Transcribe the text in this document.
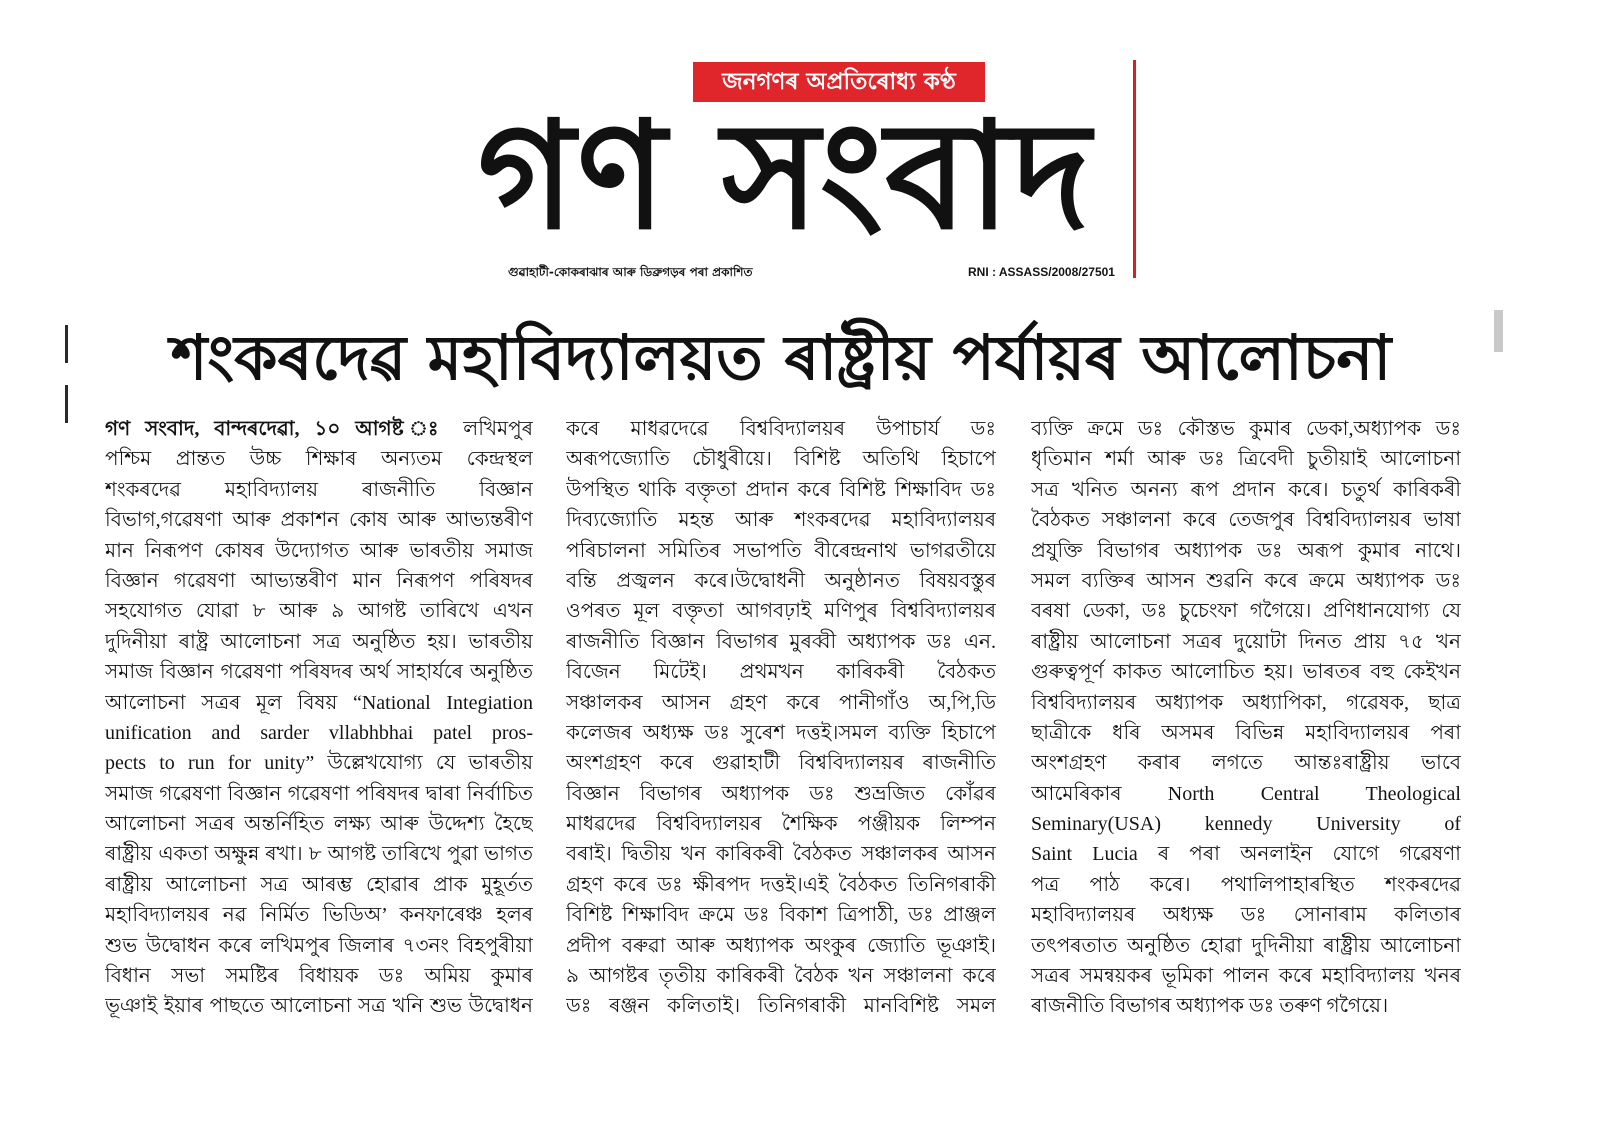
জনগণৰ অপ্ৰতিৰোধ্য কণ্ঠ
গণ সংবাদ
গুৱাহাটী-কোকৰাঝাৰ আৰু ডিব্ৰুগড়ৰ পৰা প্ৰকাশিত	RNI : ASSASS/2008/27501
শংকৰদেৱ মহাবিদ্যালয়ত ৰাষ্ট্ৰীয় পৰ্যায়ৰ আলোচনা
গণ সংবাদ, বান্দৰদেৱা, ১০ আগষ্ট ঃ লখিমপুৰ
পশ্চিম প্ৰান্তত উচ্চ শিক্ষাৰ অন্যতম কেন্দ্ৰস্থল
শংকৰদেৱ মহাবিদ্যালয় ৰাজনীতি বিজ্ঞান
বিভাগ,গৱেষণা আৰু প্ৰকাশন কোষ আৰু আভ্যন্তৰীণ
মান নিৰূপণ কোষৰ উদ্যোগত আৰু ভাৰতীয় সমাজ
বিজ্ঞান গৱেষণা আভ্যন্তৰীণ মান নিৰূপণ পৰিষদৰ
সহযোগত যোৱা ৮ আৰু ৯ আগষ্ট তাৰিখে এখন
দুদিনীয়া ৰাষ্ট্ৰ আলোচনা সত্ৰ অনুষ্ঠিত হয়। ভাৰতীয়
সমাজ বিজ্ঞান গৱেষণা পৰিষদৰ অৰ্থ সাহাৰ্যৰে অনুষ্ঠিত
আলোচনা সত্ৰৰ মূল বিষয় “National Integiation
unification and sarder vllabhbhai patel pros-
pects to run for unity” উল্লেখযোগ্য যে ভাৰতীয়
সমাজ গৱেষণা বিজ্ঞান গৱেষণা পৰিষদৰ দ্বাৰা নিৰ্বাচিত
আলোচনা সত্ৰৰ অন্তৰ্নিহিত লক্ষ্য আৰু উদ্দেশ্য হৈছে
ৰাষ্ট্ৰীয় একতা অক্ষুন্ন ৰখা। ৮ আগষ্ট তাৰিখে পুৱা ভাগত
ৰাষ্ট্ৰীয় আলোচনা সত্ৰ আৰম্ভ হোৱাৰ প্ৰাক মুহূৰ্তত
মহাবিদ্যালয়ৰ নৱ নিৰ্মিত ভিডিঅ’ কনফাৰেঞ্চ হলৰ
শুভ উদ্বোধন কৰে লখিমপুৰ জিলাৰ ৭৩নং বিহপুৰীয়া
বিধান সভা সমষ্টিৰ বিধায়ক ডঃ অমিয় কুমাৰ
ভূঞাই ইয়াৰ পাছতে আলোচনা সত্ৰ খনি শুভ উদ্বোধন
কৰে মাধৱদেৱে বিশ্ববিদ্যালয়ৰ উপাচাৰ্য ডঃ
অৰূপজ্যোতি চৌধুৰীয়ে। বিশিষ্ট অতিথি হিচাপে
উপস্থিত থাকি বক্তৃতা প্ৰদান কৰে বিশিষ্ট শিক্ষাবিদ ডঃ
দিব্যজ্যোতি মহন্ত আৰু শংকৰদেৱ মহাবিদ্যালয়ৰ
পৰিচালনা সমিতিৰ সভাপতি বীৰেন্দ্ৰনাথ ভাগৱতীয়ে
বন্তি প্ৰজ্বলন কৰে।উদ্বোধনী অনুষ্ঠানত বিষয়বস্তুৰ
ওপৰত মূল বক্তৃতা আগবঢ়াই মণিপুৰ বিশ্ববিদ্যালয়ৰ
ৰাজনীতি বিজ্ঞান বিভাগৰ মুৰব্বী অধ্যাপক ডঃ এন.
বিজেন মিটেই। প্ৰথমখন কাৰিকৰী বৈঠকত
সঞ্চালকৰ আসন গ্ৰহণ কৰে পানীগাঁও অ,পি,ডি
কলেজৰ অধ্যক্ষ ডঃ সুৰেশ দত্তই।সমল ব্যক্তি হিচাপে
অংশগ্ৰহণ কৰে গুৱাহাটী বিশ্ববিদ্যালয়ৰ ৰাজনীতি
বিজ্ঞান বিভাগৰ অধ্যাপক ডঃ শুভ্ৰজিত কোঁৱৰ
মাধৱদেৱ বিশ্ববিদ্যালয়ৰ শৈক্ষিক পঞ্জীয়ক লিম্পন
বৰাই। দ্বিতীয় খন কাৰিকৰী বৈঠকত সঞ্চালকৰ আসন
গ্ৰহণ কৰে ডঃ ক্ষীৰপদ দত্তই।এই বৈঠকত তিনিগৰাকী
বিশিষ্ট শিক্ষাবিদ ক্ৰমে ডঃ বিকাশ ত্ৰিপাঠী, ডঃ প্ৰাঞ্জল
প্ৰদীপ বৰুৱা আৰু অধ্যাপক অংকুৰ জ্যোতি ভূঞাই।
৯ আগষ্টৰ তৃতীয় কাৰিকৰী বৈঠক খন সঞ্চালনা কৰে
ডঃ ৰঞ্জন কলিতাই। তিনিগৰাকী মানবিশিষ্ট সমল
ব্যক্তি ক্ৰমে ডঃ কৌস্তভ কুমাৰ ডেকা,অধ্যাপক ডঃ
ধৃতিমান শৰ্মা আৰু ডঃ ত্ৰিবেদী চুতীয়াই আলোচনা
সত্ৰ খনিত অনন্য ৰূপ প্ৰদান কৰে। চতুৰ্থ কাৰিকৰী
বৈঠকত সঞ্চালনা কৰে তেজপুৰ বিশ্ববিদ্যালয়ৰ ভাষা
প্ৰযুক্তি বিভাগৰ অধ্যাপক ডঃ অৰূপ কুমাৰ নাথে।
সমল ব্যক্তিৰ আসন শুৱনি কৰে ক্ৰমে অধ্যাপক ডঃ
বৰষা ডেকা, ডঃ চুচেংফা গগৈয়ে। প্ৰণিধানযোগ্য যে
ৰাষ্ট্ৰীয় আলোচনা সত্ৰৰ দুয়োটা দিনত প্ৰায় ৭৫ খন
গুৰুত্বপূৰ্ণ কাকত আলোচিত হয়। ভাৰতৰ বহু কেইখন
বিশ্ববিদ্যালয়ৰ অধ্যাপক অধ্যাপিকা, গৱেষক, ছাত্ৰ
ছাত্ৰীকে ধৰি অসমৰ বিভিন্ন মহাবিদ্যালয়ৰ পৰা
অংশগ্ৰহণ কৰাৰ লগতে আন্তঃৰাষ্ট্ৰীয় ভাবে
আমেৰিকাৰ North Central Theological
Seminary(USA) kennedy University of
Saint Lucia ৰ পৰা অনলাইন যোগে গৱেষণা
পত্ৰ পাঠ কৰে। পথালিপাহাৰস্থিত শংকৰদেৱ
মহাবিদ্যালয়ৰ অধ্যক্ষ ডঃ সোনাৰাম কলিতাৰ
তৎপৰতাত অনুষ্ঠিত হোৱা দুদিনীয়া ৰাষ্ট্ৰীয় আলোচনা
সত্ৰৰ সমন্বয়কৰ ভূমিকা পালন কৰে মহাবিদ্যালয় খনৰ
ৰাজনীতি বিভাগৰ অধ্যাপক ডঃ তৰুণ গগৈয়ে।
